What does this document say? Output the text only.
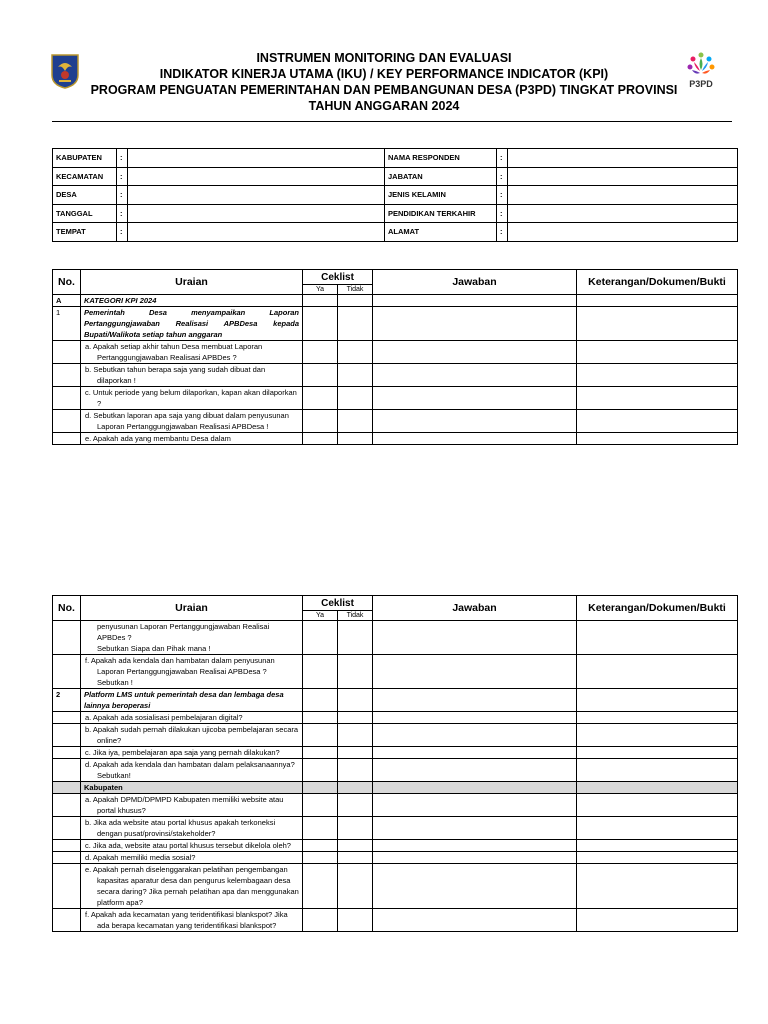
INSTRUMEN MONITORING DAN EVALUASI
INDIKATOR KINERJA UTAMA (IKU) / KEY PERFORMANCE INDICATOR (KPI)
PROGRAM PENGUATAN PEMERINTAHAN DAN PEMBANGUNAN DESA (P3PD) TINGKAT PROVINSI
TAHUN ANGGARAN 2024
P3PD
KABUPATEN	:		NAMA RESPONDEN	:	
KECAMATAN	:		JABATAN	:	
DESA	:		JENIS KELAMIN	:	
TANGGAL	:		PENDIDIKAN TERKAHIR	:	
TEMPAT	:		ALAMAT	:	
No.	Uraian	Ceklist		Jawaban	Keterangan/Dokumen/Bukti
		Ya	Tidak		
A	KATEGORI KPI 2024				
1	Pemerintah Desa menyampaikan Laporan Pertanggungjawaban Realisasi APBDesa kepada Bupati/Walikota setiap tahun anggaran				
	a. Apakah setiap akhir tahun Desa membuat Laporan Pertanggungjawaban Realisasi APBDes ?				
	b. Sebutkan tahun berapa saja yang sudah dibuat dan dilaporkan !				
	c. Untuk periode yang belum dilaporkan, kapan akan dilaporkan ?				
	d. Sebutkan laporan apa saja yang dibuat dalam penyusunan Laporan Pertanggungjawaban Realisasi APBDesa !				
	e. Apakah ada yang membantu Desa dalam				
No.	Uraian	Ceklist		Jawaban	Keterangan/Dokumen/Bukti
		Ya	Tidak		
	penyusunan Laporan Pertanggungjawaban Realisai APBDes ?
Sebutkan Siapa dan Pihak mana !				
	f. Apakah ada kendala dan hambatan dalam penyusunan Laporan Pertanggungjawaban Realisai APBDesa ?
Sebutkan !				
2	Platform LMS untuk pemerintah desa dan lembaga desa lainnya beroperasi				
	a. Apakah ada sosialisasi pembelajaran digital?				
	b. Apakah sudah pernah dilakukan ujicoba pembelajaran secara online?				
	c. Jika iya, pembelajaran apa saja yang pernah dilakukan?				
	d. Apakah ada kendala dan hambatan dalam pelaksanaannya? Sebutkan!				
	Kabupaten				
	a. Apakah DPMD/DPMPD Kabupaten memiliki website atau portal khusus?				
	b. Jika ada website atau portal khusus apakah terkoneksi dengan pusat/provinsi/stakeholder?				
	c. Jika ada, website atau portal khusus tersebut dikelola oleh?				
	d. Apakah memiliki media sosial?				
	e. Apakah pernah diselenggarakan pelatihan pengembangan kapasitas aparatur desa dan pengurus kelembagaan desa secara daring? Jika pernah pelatihan apa dan menggunakan platform apa?				
	f. Apakah ada kecamatan yang teridentifikasi blankspot? Jika ada berapa kecamatan yang teridentifikasi blankspot?				
